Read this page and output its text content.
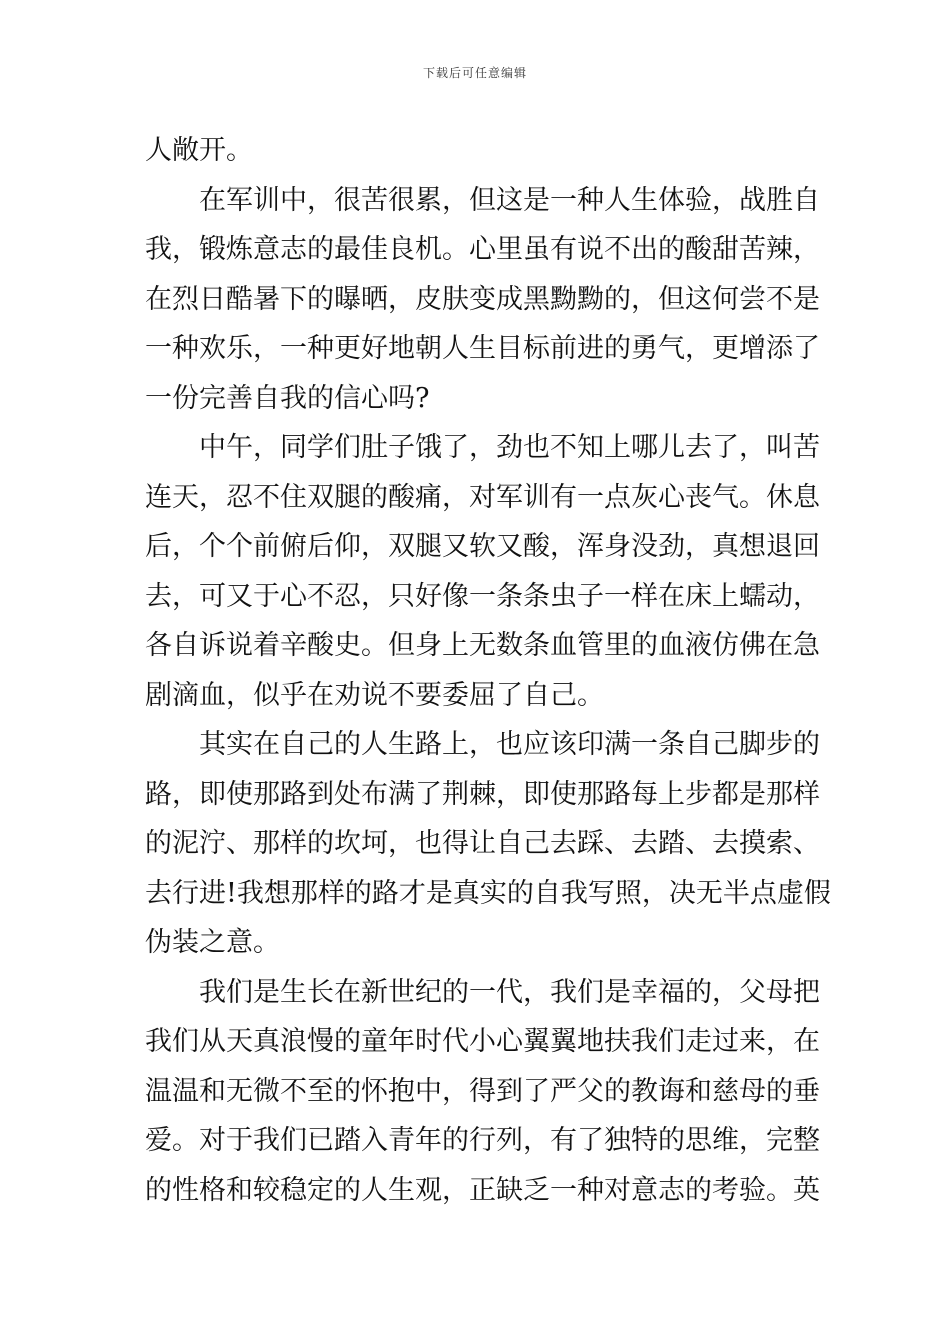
下载后可任意编辑
人敞开。
在军训中，很苦很累，但这是一种人生体验，战胜自
我，锻炼意志的最佳良机。心里虽有说不出的酸甜苦辣，
在烈日酷暑下的曝晒，皮肤变成黑黝黝的，但这何尝不是
一种欢乐，一种更好地朝人生目标前进的勇气，更增添了
一份完善自我的信心吗?
中午，同学们肚子饿了，劲也不知上哪儿去了，叫苦
连天，忍不住双腿的酸痛，对军训有一点灰心丧气。休息
后，个个前俯后仰，双腿又软又酸，浑身没劲，真想退回
去，可又于心不忍，只好像一条条虫子一样在床上蠕动，
各自诉说着辛酸史。但身上无数条血管里的血液仿佛在急
剧滴血，似乎在劝说不要委屈了自己。
其实在自己的人生路上，也应该印满一条自己脚步的
路，即使那路到处布满了荆棘，即使那路每上步都是那样
的泥泞、那样的坎坷，也得让自己去踩、去踏、去摸索、
去行进!我想那样的路才是真实的自我写照，决无半点虚假
伪装之意。
我们是生长在新世纪的一代，我们是幸福的，父母把
我们从天真浪慢的童年时代小心翼翼地扶我们走过来，在
温温和无微不至的怀抱中，得到了严父的教诲和慈母的垂
爱。对于我们已踏入青年的行列，有了独特的思维，完整
的性格和较稳定的人生观，正缺乏一种对意志的考验。英
